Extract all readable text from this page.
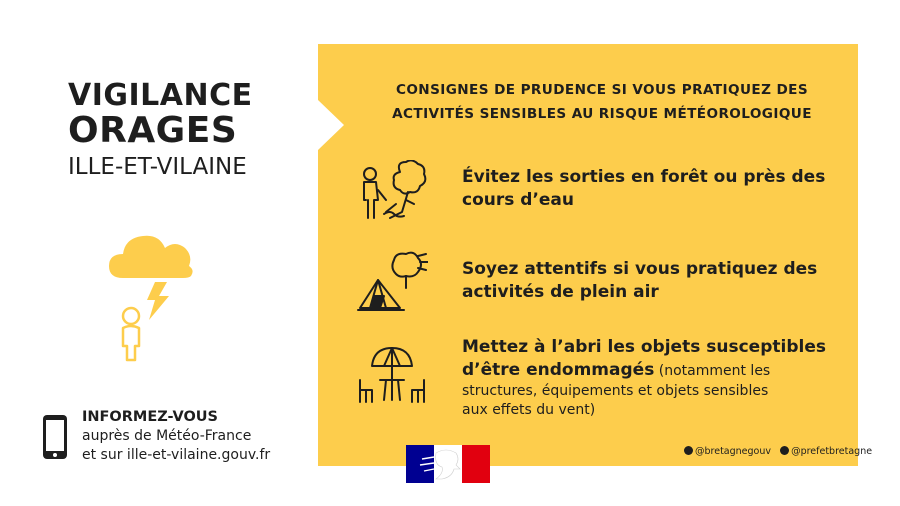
VIGILANCE
ORAGES
ILLE-ET-VILAINE
INFORMEZ-VOUS
auprès de Météo-France
et sur ille-et-vilaine.gouv.fr
CONSIGNES DE PRUDENCE SI VOUS PRATIQUEZ DES
ACTIVITÉS SENSIBLES AU RISQUE MÉTÉOROLOGIQUE
Évitez les sorties en forêt ou près des
cours d’eau
Soyez attentifs si vous pratiquez des
activités de plein air
Mettez à l’abri les objets susceptibles
d’être endommagés (notamment les
structures, équipements et objets sensibles
aux effets du vent)
@bretagnegouv @prefetbretagne
